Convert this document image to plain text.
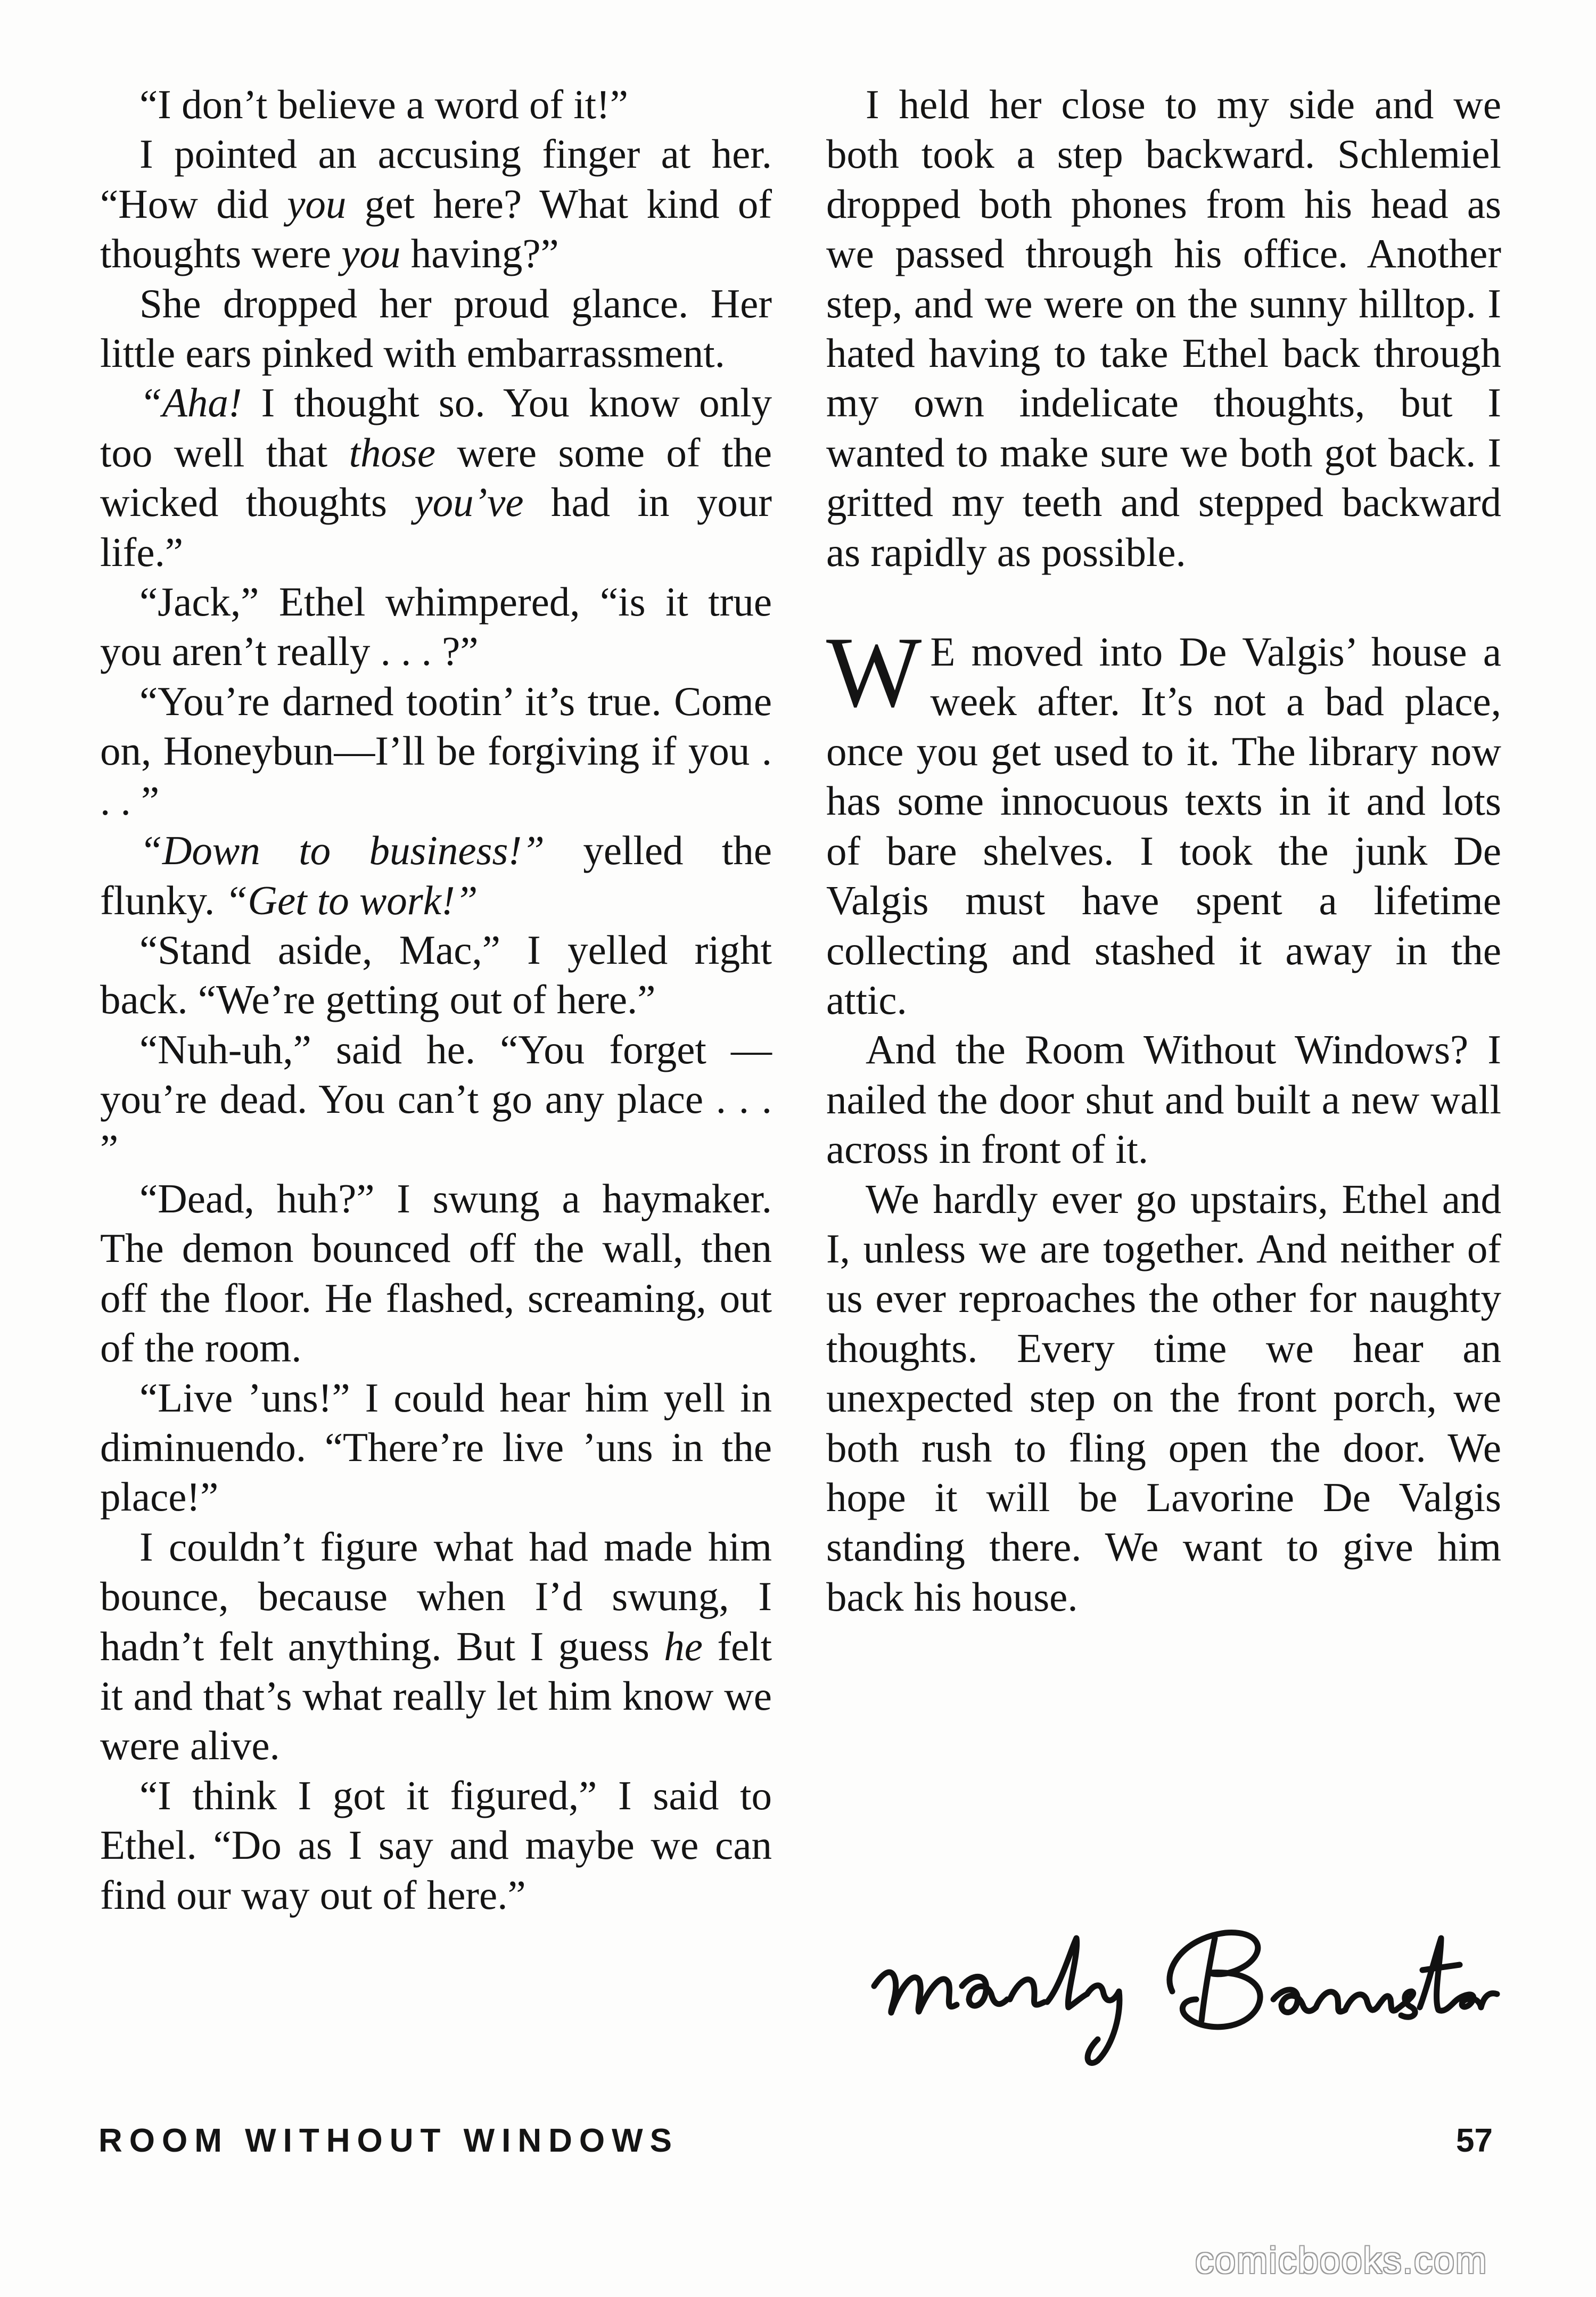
“I don’t believe a word of it!”

I pointed an accusing finger at her. “How did you get here? What kind of thoughts were you having?”

She dropped her proud glance. Her little ears pinked with embarrassment.

“Aha! I thought so. You know only too well that those were some of the wicked thoughts you’ve had in your life.”

“Jack,” Ethel whimpered, “is it true you aren’t really . . . ?”

“You’re darned tootin’ it’s true. Come on, Honeybun—I’ll be forgiving if you . . . ”

“Down to business!” yelled the flunky. “Get to work!”

“Stand aside, Mac,” I yelled right back. “We’re getting out of here.”

“Nuh-uh,” said he. “You forget —you’re dead. You can’t go any place . . . ”

“Dead, huh?” I swung a haymaker. The demon bounced off the wall, then off the floor. He flashed, screaming, out of the room.

“Live ’uns!” I could hear him yell in diminuendo. “There’re live ’uns in the place!”

I couldn’t figure what had made him bounce, because when I’d swung, I hadn’t felt anything. But I guess he felt it and that’s what really let him know we were alive.

“I think I got it figured,” I said to Ethel. “Do as I say and maybe we can find our way out of here.”

I held her close to my side and we both took a step backward. Schlemiel dropped both phones from his head as we passed through his office. Another step, and we were on the sunny hilltop. I hated having to take Ethel back through my own indelicate thoughts, but I wanted to make sure we both got back. I gritted my teeth and stepped backward as rapidly as possible.

W E moved into De Valgis’ house a week after. It’s not a bad place, once you get used to it. The library now has some innocuous texts in it and lots of bare shelves. I took the junk De Valgis must have spent a lifetime collecting and stashed it away in the attic.

And the Room Without Windows? I nailed the door shut and built a new wall across in front of it.

We hardly ever go upstairs, Ethel and I, unless we are together. And neither of us ever reproaches the other for naughty thoughts. Every time we hear an unexpected step on the front porch, we both rush to fling open the door. We hope it will be Lavorine De Valgis standing there. We want to give him back his house.

ROOM WITHOUT WINDOWS	57
comicbooks.com
